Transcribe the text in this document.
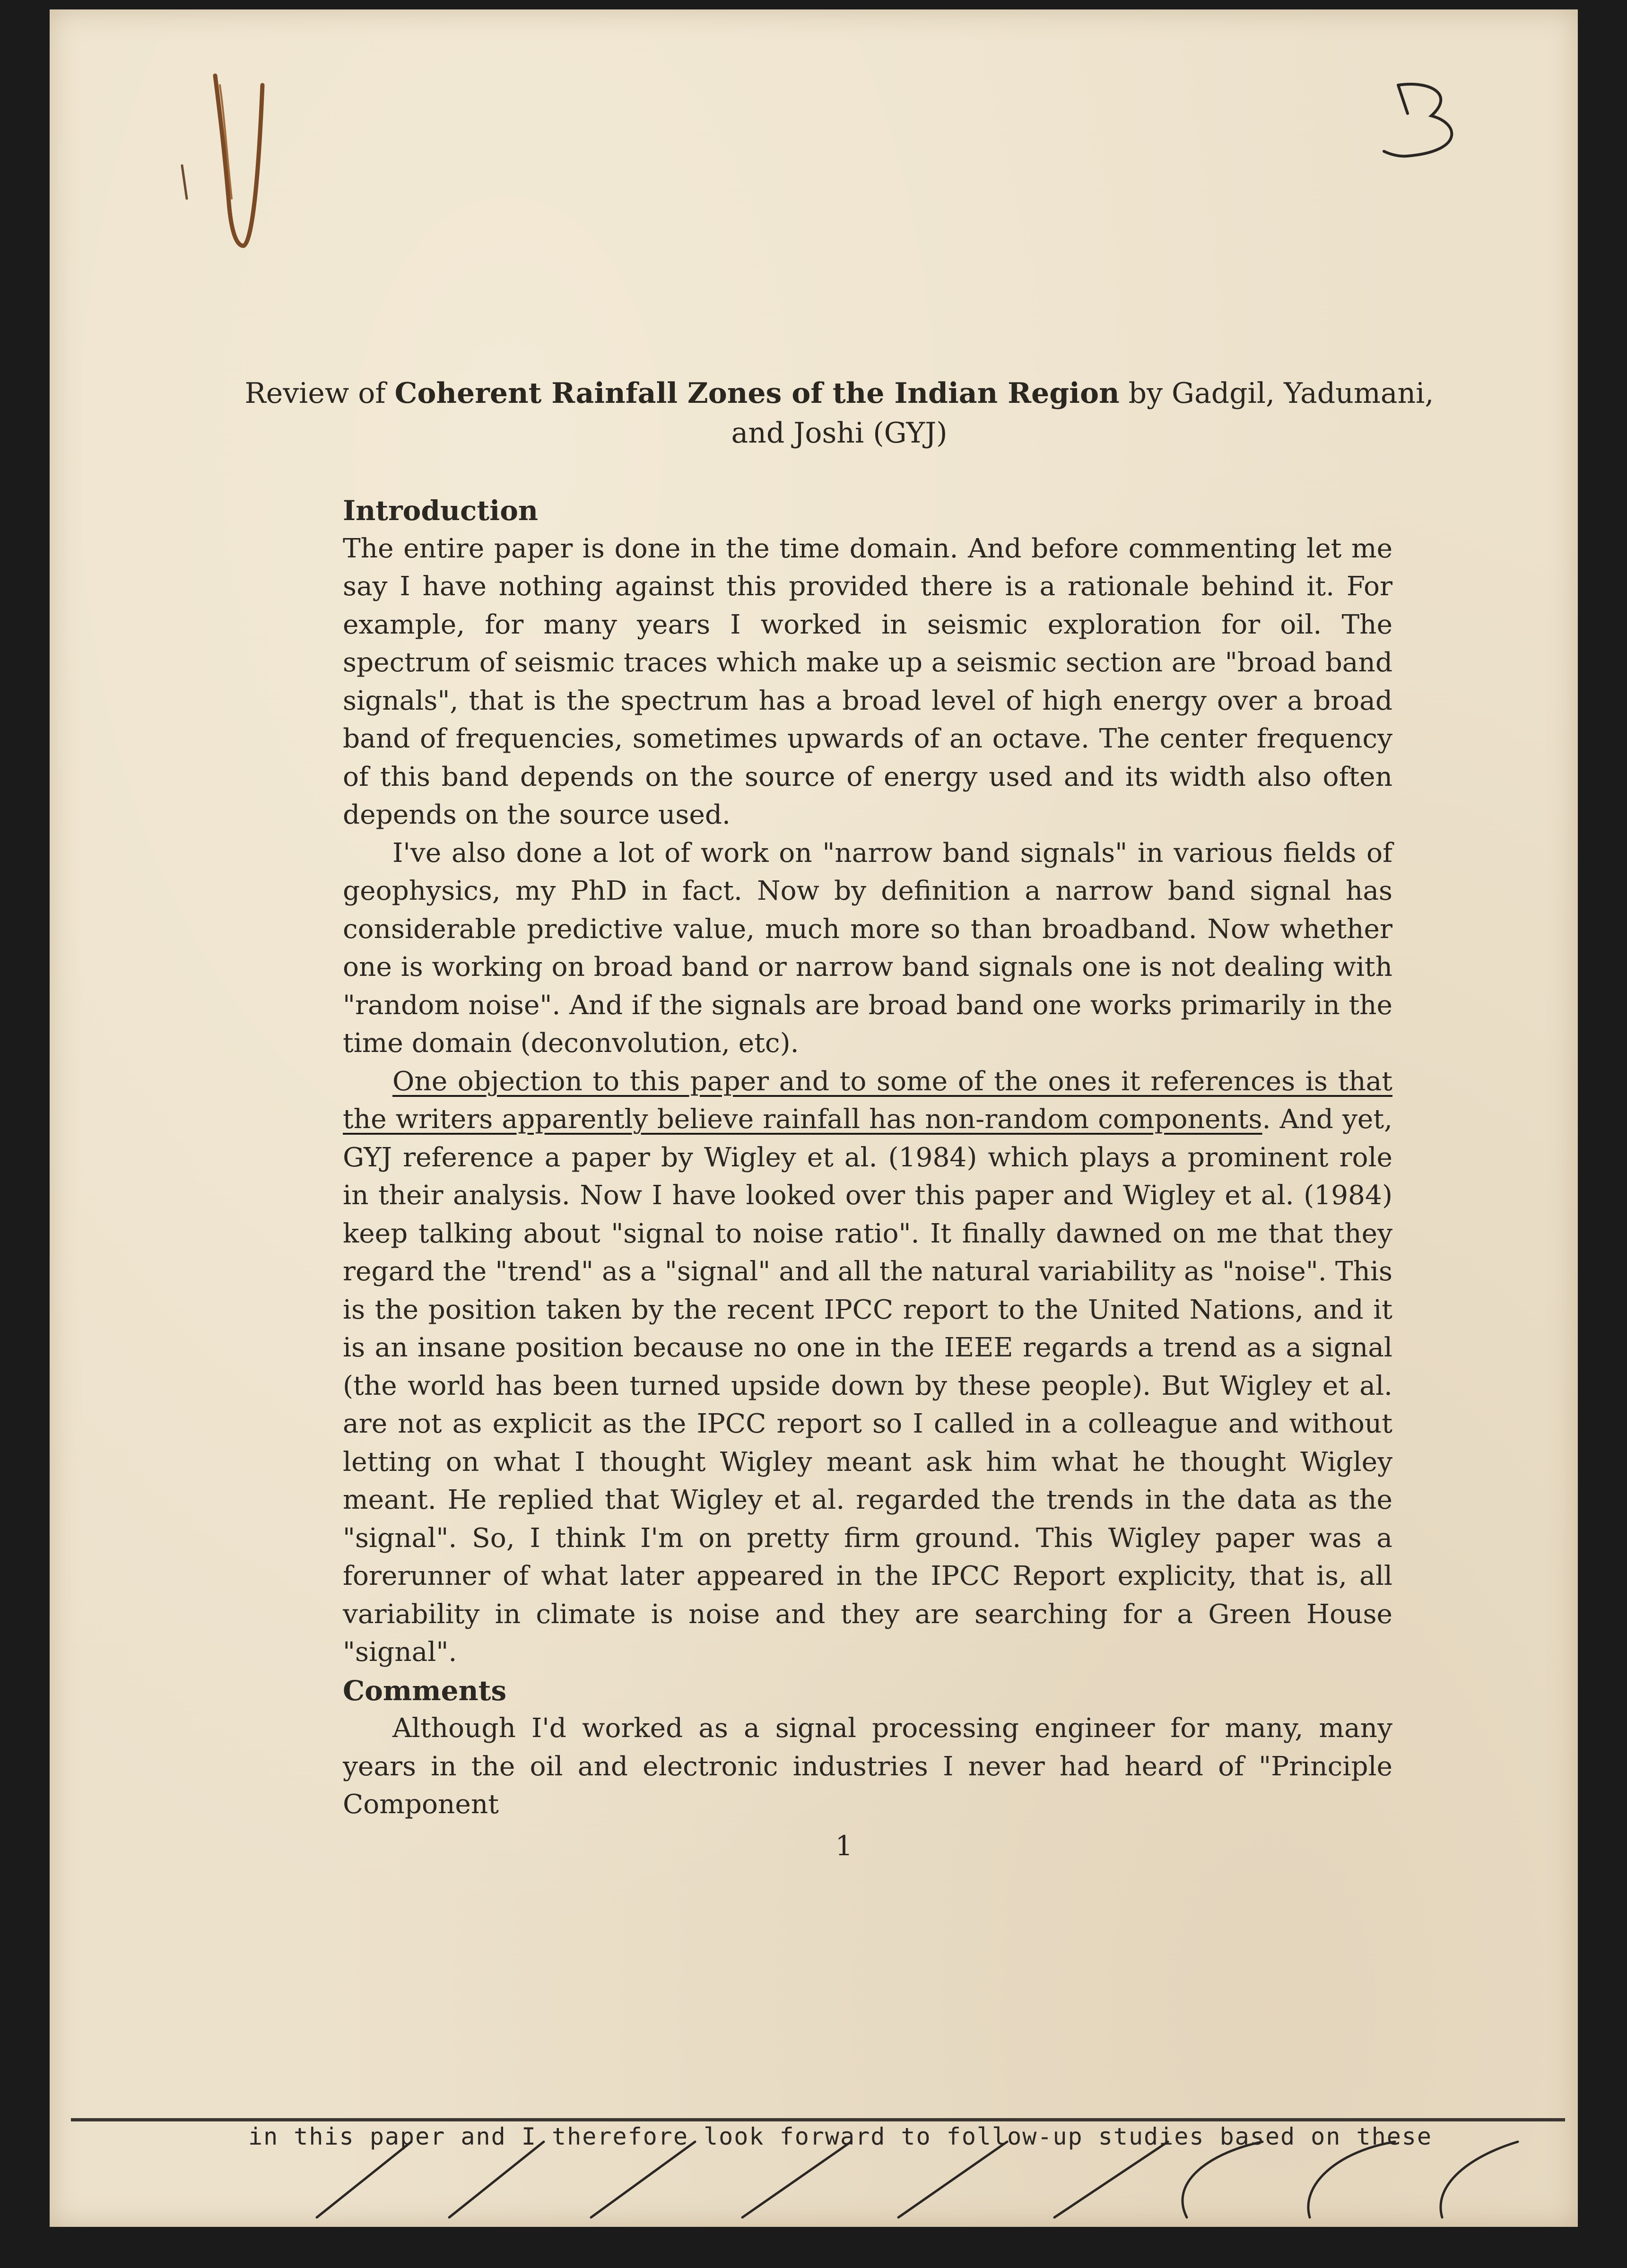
Review of Coherent Rainfall Zones of the Indian Region by Gadgil, Yadumani, and Joshi (GYJ)

Introduction

The entire paper is done in the time domain. And before commenting let me say I have nothing against this provided there is a rationale behind it. For example, for many years I worked in seismic exploration for oil. The spectrum of seismic traces which make up a seismic section are "broad band signals", that is the spectrum has a broad level of high energy over a broad band of frequencies, sometimes upwards of an octave. The center frequency of this band depends on the source of energy used and its width also often depends on the source used.

I've also done a lot of work on "narrow band signals" in various fields of geophysics, my PhD in fact. Now by definition a narrow band signal has considerable predictive value, much more so than broadband. Now whether one is working on broad band or narrow band signals one is not dealing with "random noise". And if the signals are broad band one works primarily in the time domain (deconvolution, etc).

One objection to this paper and to some of the ones it references is that the writers apparently believe rainfall has non-random components. And yet, GYJ reference a paper by Wigley et al. (1984) which plays a prominent role in their analysis. Now I have looked over this paper and Wigley et al. (1984) keep talking about "signal to noise ratio". It finally dawned on me that they regard the "trend" as a "signal" and all the natural variability as "noise". This is the position taken by the recent IPCC report to the United Nations, and it is an insane position because no one in the IEEE regards a trend as a signal (the world has been turned upside down by these people). But Wigley et al. are not as explicit as the IPCC report so I called in a colleague and without letting on what I thought Wigley meant ask him what he thought Wigley meant. He replied that Wigley et al. regarded the trends in the data as the "signal". So, I think I'm on pretty firm ground. This Wigley paper was a forerunner of what later appeared in the IPCC Report explicity, that is, all variability in climate is noise and they are searching for a Green House "signal".

Comments

Although I'd worked as a signal processing engineer for many, many years in the oil and electronic industries I never had heard of "Principle Component

1
in this paper and I therefore look forward to follow-up studies based on these
